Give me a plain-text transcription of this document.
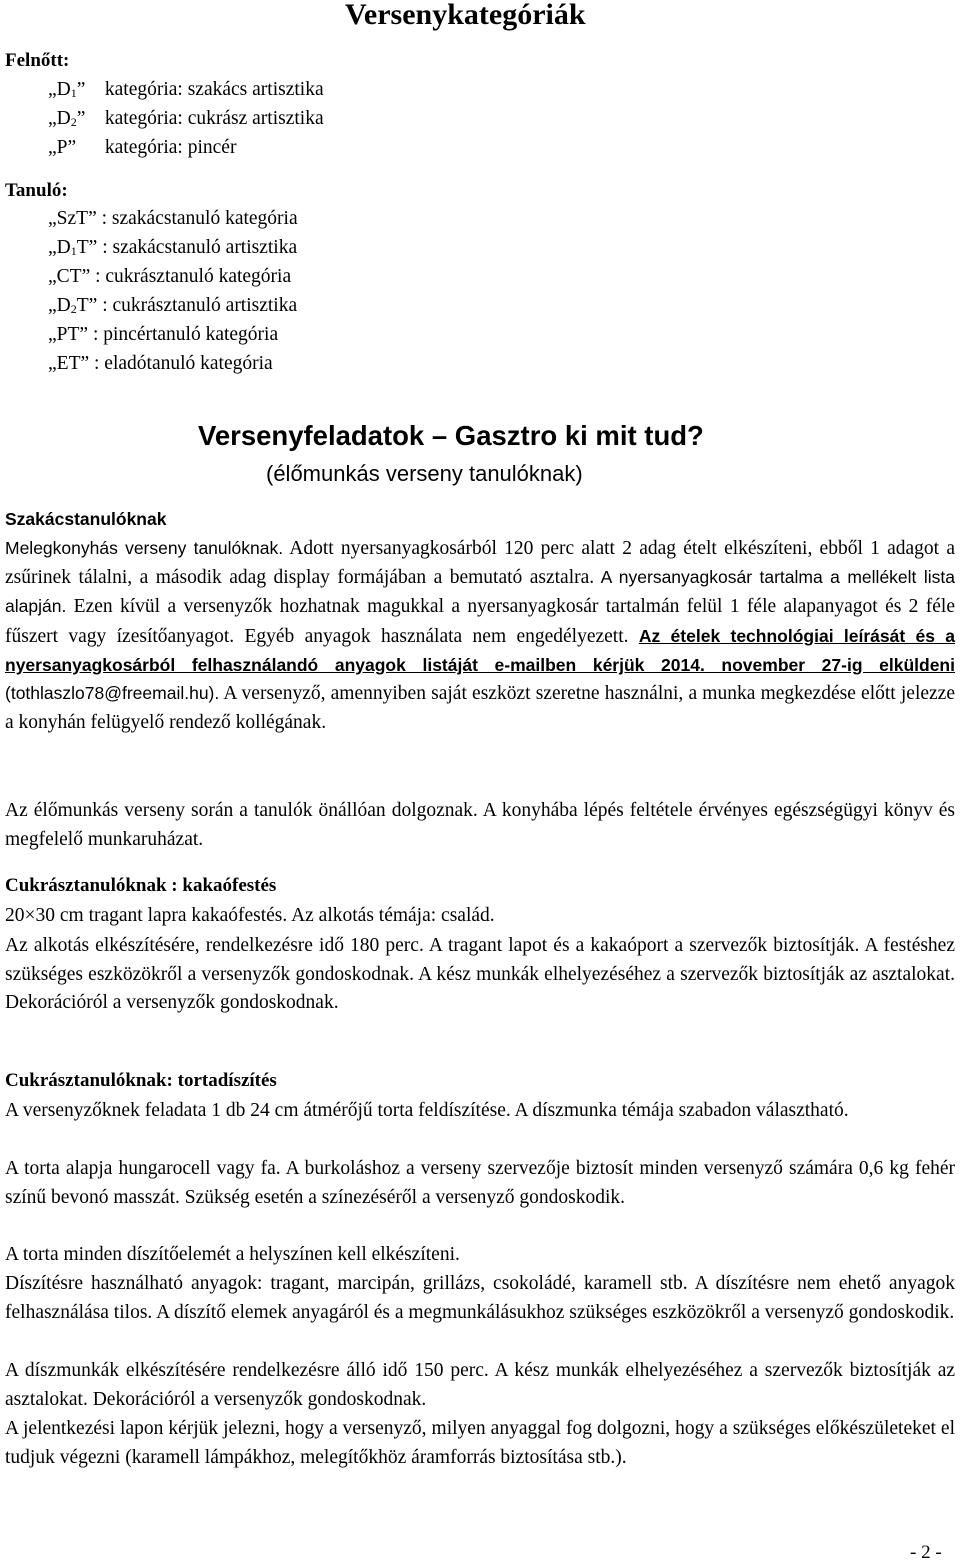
Versenykategóriák
Felnőtt:
$„D_1$” kategória: szakács artisztika
$„D_2$” kategória: cukrász artisztika
„P” kategória: pincér
Tanuló:
„SzT” : szakácstanuló kategória
$„D_1T$” : szakácstanuló artisztika
„CT” : cukrásztanuló kategória
$„D_2T$” : cukrásztanuló artisztika
„PT” : pincértanuló kategória
„ET” : eladótanuló kategória
Versenyfeladatok – Gasztro ki mit tud?
(élőmunkás verseny tanulóknak)
Szakácstanulóknak
Melegkonyhás verseny tanulóknak. Adott nyersanyagkosárból 120 perc alatt 2 adag ételt elkészíteni, ebből 1 adagot a zsűrinek tálalni, a második adag display formájában a bemutató asztalra. A nyersanyagkosár tartalma a mellékelt lista alapján. Ezen kívül a versenyzők hozhatnak magukkal a nyersanyagkosár tartalmán felül 1 féle alapanyagot és 2 féle fűszert vagy ízesítőanyagot. Egyéb anyagok használata nem engedélyezett. Az ételek technológiai leírását és a nyersanyagkosárból felhasználandó anyagok listáját e-mailben kérjük 2014. november 27-ig elküldeni (tothlaszlo78@freemail.hu). A versenyző, amennyiben saját eszközt szeretne használni, a munka megkezdése előtt jelezze a konyhán felügyelő rendező kollégának.
Az élőmunkás verseny során a tanulók önállóan dolgoznak. A konyhába lépés feltétele érvényes egészségügyi könyv és megfelelő munkaruházat.
Cukrásztanulóknak : kakaófestés
20×30 cm tragant lapra kakaófestés. Az alkotás témája: család.
Az alkotás elkészítésére, rendelkezésre idő 180 perc. A tragant lapot és a kakaóport a szervezők biztosítják. A festéshez szükséges eszközökről a versenyzők gondoskodnak. A kész munkák elhelyezéséhez a szervezők biztosítják az asztalokat. Dekorációról a versenyzők gondoskodnak.
Cukrásztanulóknak: tortadíszítés
A versenyzőknek feladata 1 db 24 cm átmérőjű torta feldíszítése. A díszmunka témája szabadon választható.
A torta alapja hungarocell vagy fa. A burkoláshoz a verseny szervezője biztosít minden versenyző számára 0,6 kg fehér színű bevonó masszát. Szükség esetén a színezéséről a versenyző gondoskodik.
A torta minden díszítőelemét a helyszínen kell elkészíteni.
Díszítésre használható anyagok: tragant, marcipán, grillázs, csokoládé, karamell stb. A díszítésre nem ehető anyagok felhasználása tilos. A díszítő elemek anyagáról és a megmunkálásukhoz szükséges eszközökről a versenyző gondoskodik.
A díszmunkák elkészítésére rendelkezésre álló idő 150 perc. A kész munkák elhelyezéséhez a szervezők biztosítják az asztalokat. Dekorációról a versenyzők gondoskodnak.
A jelentkezési lapon kérjük jelezni, hogy a versenyző, milyen anyaggal fog dolgozni, hogy a szükséges előkészületeket el tudjuk végezni (karamell lámpákhoz, melegítőkhöz áramforrás biztosítása stb.).
- 2 -
